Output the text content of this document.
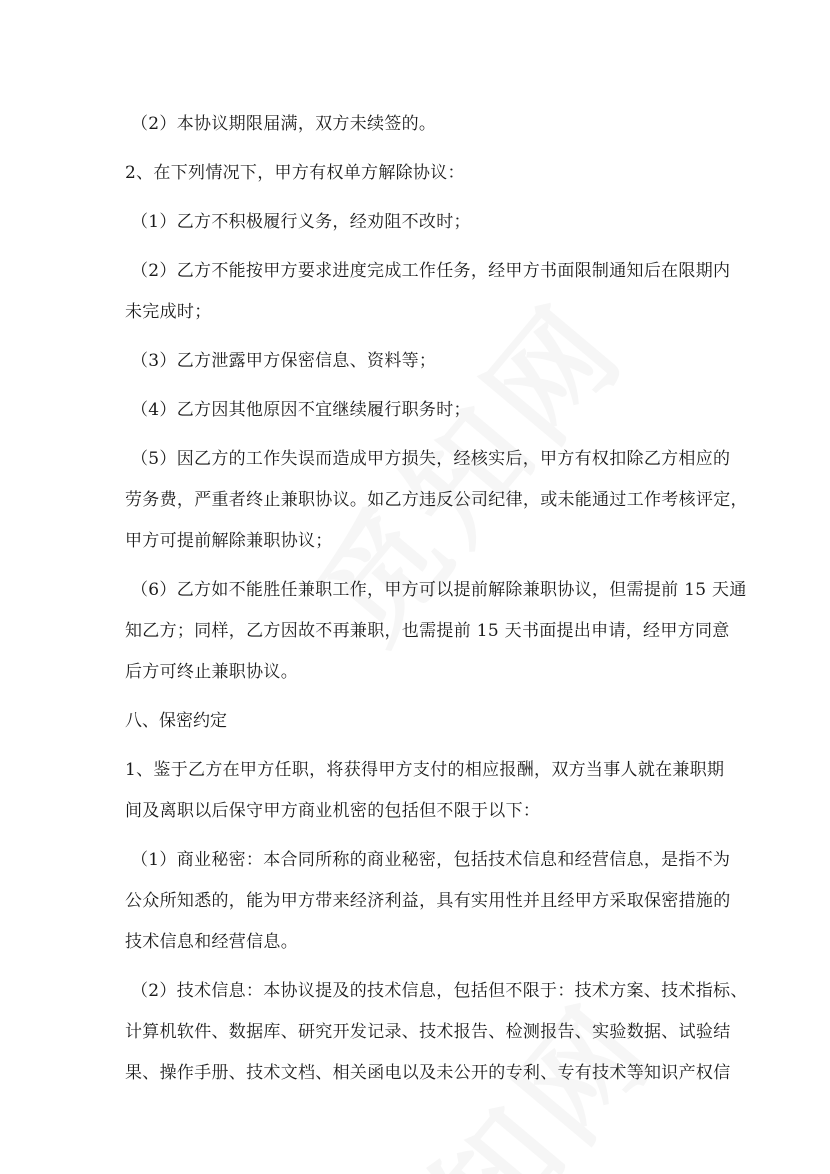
（2）本协议期限届满，双方未续签的。
2、在下列情况下，甲方有权单方解除协议：
（1）乙方不积极履行义务，经劝阻不改时；
（2）乙方不能按甲方要求进度完成工作任务，经甲方书面限制通知后在限期内
未完成时；
（3）乙方泄露甲方保密信息、资料等；
（4）乙方因其他原因不宜继续履行职务时；
（5）因乙方的工作失误而造成甲方损失，经核实后，甲方有权扣除乙方相应的
劳务费，严重者终止兼职协议。如乙方违反公司纪律，或未能通过工作考核评定，
甲方可提前解除兼职协议；
（6）乙方如不能胜任兼职工作，甲方可以提前解除兼职协议，但需提前 15 天通
知乙方；同样，乙方因故不再兼职，也需提前 15 天书面提出申请，经甲方同意
后方可终止兼职协议。
八、保密约定
1、鉴于乙方在甲方任职，将获得甲方支付的相应报酬，双方当事人就在兼职期
间及离职以后保守甲方商业机密的包括但不限于以下：
（1）商业秘密：本合同所称的商业秘密，包括技术信息和经营信息，是指不为
公众所知悉的，能为甲方带来经济利益，具有实用性并且经甲方采取保密措施的
技术信息和经营信息。
（2）技术信息：本协议提及的技术信息，包括但不限于：技术方案、技术指标、
计算机软件、数据库、研究开发记录、技术报告、检测报告、实验数据、试验结
果、操作手册、技术文档、相关函电以及未公开的专利、专有技术等知识产权信
